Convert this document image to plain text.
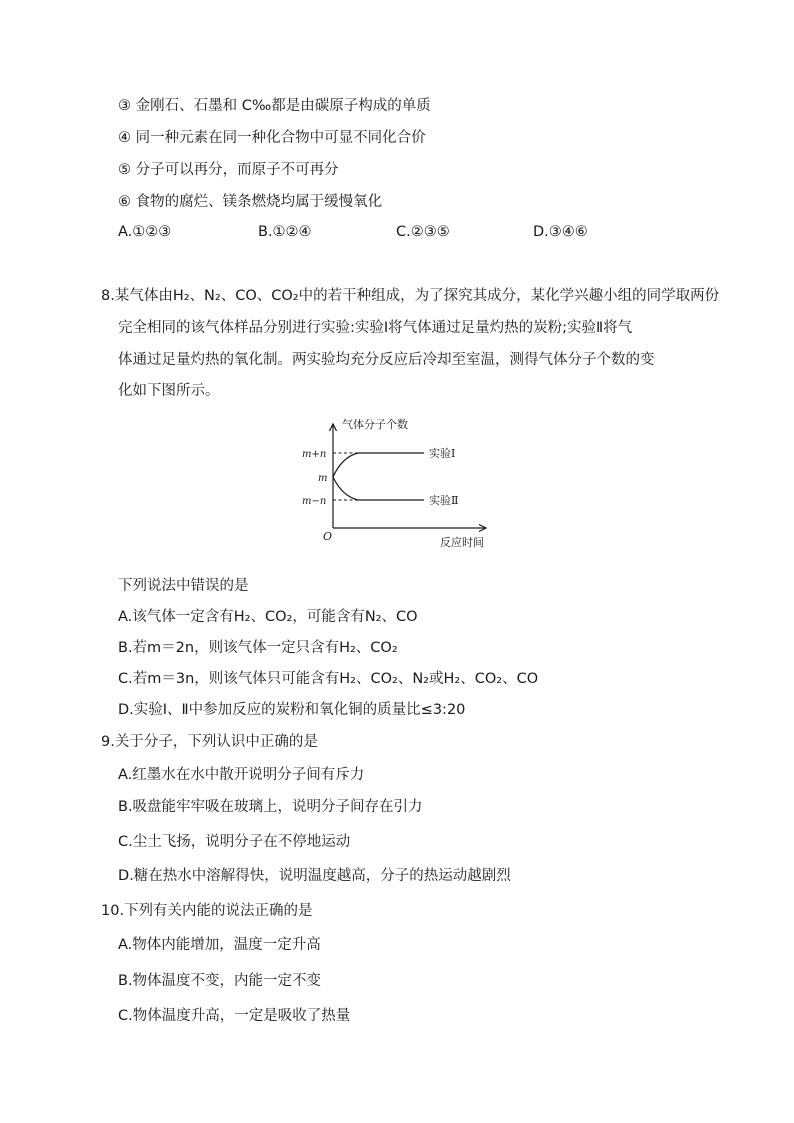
③ 金刚石、石墨和 C‰都是由碳原子构成的单质
④ 同一种元素在同一种化合物中可显不同化合价
⑤ 分子可以再分，而原子不可再分
⑥ 食物的腐烂、镁条燃烧均属于缓慢氧化
A.①②③	B.①②④	C.②③⑤	D.③④⑥
8.某气体由H₂、N₂、CO、CO₂中的若干种组成，为了探究其成分，某化学兴趣小组的同学取两份
完全相同的该气体样品分别进行实验:实验Ⅰ将气体通过足量灼热的炭粉;实验Ⅱ将气
体通过足量灼热的氧化制。两实验均充分反应后冷却至室温，测得气体分子个数的变
化如下图所示。
气体分子个数
反应时间
O
m+n
m
m−n
实验Ⅰ
实验Ⅱ
下列说法中错误的是
A.该气体一定含有H₂、CO₂，可能含有N₂、CO
B.若m＝2n，则该气体一定只含有H₂、CO₂
C.若m＝3n，则该气体只可能含有H₂、CO₂、N₂或H₂、CO₂、CO
D.实验Ⅰ、Ⅱ中参加反应的炭粉和氧化铜的质量比≤3:20
9.关于分子，下列认识中正确的是
A.红墨水在水中散开说明分子间有斥力
B.吸盘能牢牢吸在玻璃上，说明分子间存在引力
C.尘土飞扬，说明分子在不停地运动
D.糖在热水中溶解得快，说明温度越高，分子的热运动越剧烈
10.下列有关内能的说法正确的是
A.物体内能增加，温度一定升高
B.物体温度不变，内能一定不变
C.物体温度升高，一定是吸收了热量
